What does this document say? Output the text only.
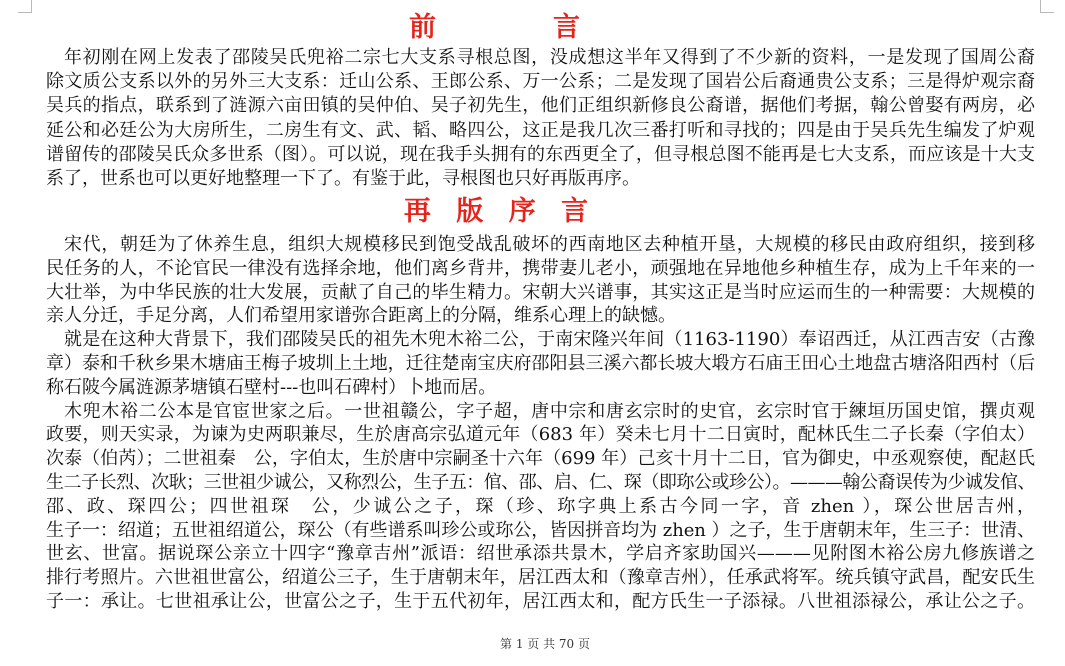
前　　言
年初刚在网上发表了邵陵吴氏兜裕二宗七大支系寻根总图，没成想这半年又得到了不少新的资料，一是发现了国周公裔
除文质公支系以外的另外三大支系：迁山公系、王郎公系、万一公系；二是发现了国岩公后裔通贵公支系；三是得炉观宗裔
吴兵的指点，联系到了涟源六亩田镇的吴仲伯、吴子初先生，他们正组织新修良公裔谱，据他们考据，翰公曾娶有两房，必
延公和必廷公为大房所生，二房生有文、武、韬、略四公，这正是我几次三番打听和寻找的；四是由于吴兵先生编发了炉观
谱留传的邵陵吴氏众多世系（图）。可以说，现在我手头拥有的东西更全了，但寻根总图不能再是七大支系，而应该是十大支
系了，世系也可以更好地整理一下了。有鉴于此，寻根图也只好再版再序。
再 版 序 言
宋代，朝廷为了休养生息，组织大规模移民到饱受战乱破坏的西南地区去种植开垦，大规模的移民由政府组织，接到移
民任务的人，不论官民一律没有选择余地，他们离乡背井，携带妻儿老小，顽强地在异地他乡种植生存，成为上千年来的一
大壮举，为中华民族的壮大发展，贡献了自己的毕生精力。宋朝大兴谱事，其实这正是当时应运而生的一种需要：大规模的
亲人分迁，手足分离，人们希望用家谱弥合距离上的分隔，维系心理上的缺憾。
就是在这种大背景下，我们邵陵吴氏的祖先木兜木裕二公，于南宋隆兴年间（1163-1190）奉诏西迁，从江西吉安（古豫
章）泰和千秋乡果木塘庙王梅子坡圳上土地，迁往楚南宝庆府邵阳县三溪六都长坡大塅方石庙王田心土地盘古塘洛阳西村（后
称石陂今属涟源茅塘镇石壁村---也叫石碑村）卜地而居。
木兜木裕二公本是官宦世家之后。一世祖赣公，字子超，唐中宗和唐玄宗时的史官，玄宗时官于練垣历国史馆，撰贞观
政要，则天实录，为谏为史两职兼尽，生於唐高宗弘道元年（683 年）癸未七月十二日寅时，配林氏生二子长秦（字伯太）
次泰（伯芮）；二世祖秦　公，字伯太，生於唐中宗嗣圣十六年（699 年）己亥十月十二日，官为御史，中丞观察使，配赵氏
生二子长烈、次耿；三世祖少诚公，又称烈公，生子五：倌、邵、启、仁、琛（即珎公或珍公）。———翰公裔误传为少诚发倌、
邵、政、琛四公；四世祖琛　公，少诚公之子，琛（珍、珎字典上系古今同一字，音 zhen ），琛公世居吉州，
生子一：绍道；五世祖绍道公，琛公（有些谱系叫珍公或珎公，皆因拼音均为 zhen ）之子，生于唐朝末年，生三子：世清、
世玄、世富。据说琛公亲立十四字“豫章吉州”派语：绍世承添共景木，学启齐家助国兴———见附图木裕公房九修族谱之
排行考照片。六世祖世富公，绍道公三子，生于唐朝末年，居江西太和（豫章吉州），任承武将军。统兵镇守武昌，配安氏生
子一：承让。七世祖承让公，世富公之子，生于五代初年，居江西太和，配方氏生一子添禄。八世祖添禄公，承让公之子。
第 1 页 共 70 页
